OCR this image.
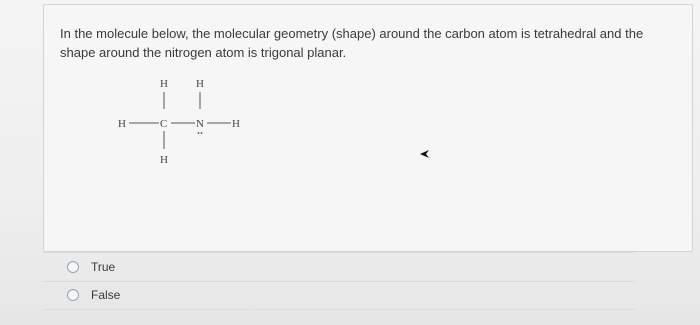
In the molecule below, the molecular geometry (shape) around the carbon atom is tetrahedral and the shape around the nitrogen atom is trigonal planar.
H	H
H	C	N	H
H
True
False
